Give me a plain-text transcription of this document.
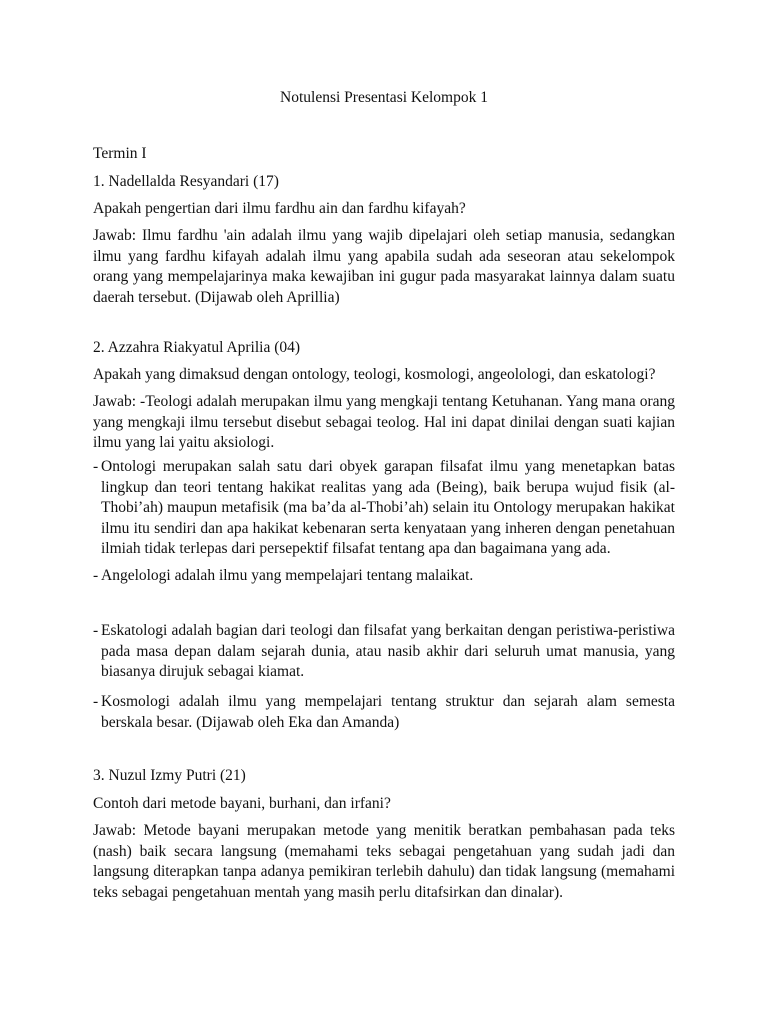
Notulensi Presentasi Kelompok 1
Termin I
1. Nadellalda Resyandari (17)
Apakah pengertian dari ilmu fardhu ain dan fardhu kifayah?
Jawab: Ilmu fardhu 'ain adalah ilmu yang wajib dipelajari oleh setiap manusia, sedangkan ilmu yang fardhu kifayah adalah ilmu yang apabila sudah ada seseoran atau sekelompok orang yang mempelajarinya maka kewajiban ini gugur pada masyarakat lainnya dalam suatu daerah tersebut. (Dijawab oleh Aprillia)
2. Azzahra Riakyatul Aprilia (04)
Apakah yang dimaksud dengan ontology, teologi, kosmologi, angeolologi, dan eskatologi?
Jawab: -Teologi adalah merupakan ilmu yang mengkaji tentang Ketuhanan. Yang mana orang yang mengkaji ilmu tersebut disebut sebagai teolog. Hal ini dapat dinilai dengan suati kajian ilmu yang lai yaitu aksiologi.
- Ontologi merupakan salah satu dari obyek garapan filsafat ilmu yang menetapkan batas lingkup dan teori tentang hakikat realitas yang ada (Being), baik berupa wujud fisik (al-Thobi’ah) maupun metafisik (ma ba’da al-Thobi’ah) selain itu Ontology merupakan hakikat ilmu itu sendiri dan apa hakikat kebenaran serta kenyataan yang inheren dengan penetahuan ilmiah tidak terlepas dari persepektif filsafat tentang apa dan bagaimana yang ada.
- Angelologi adalah ilmu yang mempelajari tentang malaikat.
- Eskatologi adalah bagian dari teologi dan filsafat yang berkaitan dengan peristiwa-peristiwa pada masa depan dalam sejarah dunia, atau nasib akhir dari seluruh umat manusia, yang biasanya dirujuk sebagai kiamat.
- Kosmologi adalah ilmu yang mempelajari tentang struktur dan sejarah alam semesta berskala besar. (Dijawab oleh Eka dan Amanda)
3. Nuzul Izmy Putri (21)
Contoh dari metode bayani, burhani, dan irfani?
Jawab: Metode bayani merupakan metode yang menitik beratkan pembahasan pada teks (nash) baik secara langsung (memahami teks sebagai pengetahuan yang sudah jadi dan langsung diterapkan tanpa adanya pemikiran terlebih dahulu) dan tidak langsung (memahami teks sebagai pengetahuan mentah yang masih perlu ditafsirkan dan dinalar).
